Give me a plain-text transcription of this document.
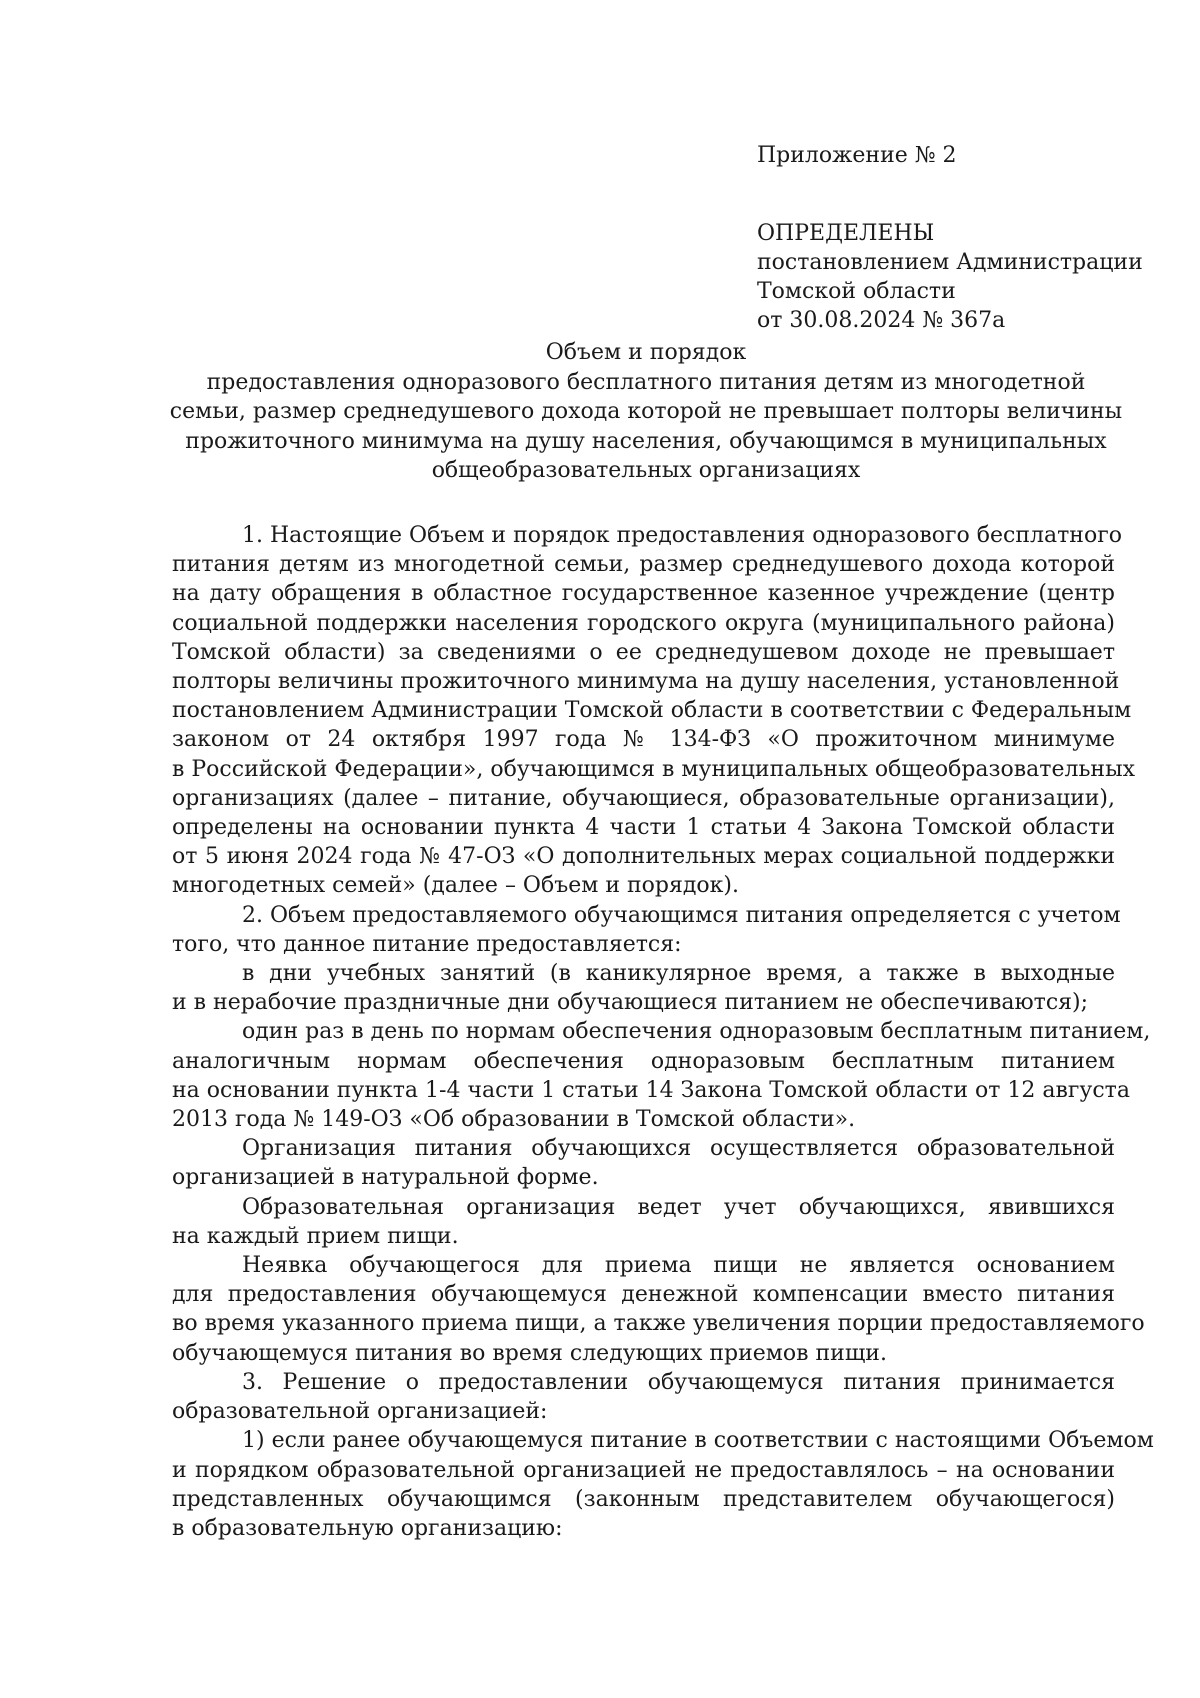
Приложение № 2
ОПРЕДЕЛЕНЫ
постановлением Администрации
Томской области
от 30.08.2024 № 367а
Объем и порядок
предоставления одноразового бесплатного питания детям из многодетной
семьи, размер среднедушевого дохода которой не превышает полторы величины
прожиточного минимума на душу населения, обучающимся в муниципальных
общеобразовательных организациях
1. Настоящие Объем и порядок предоставления одноразового бесплатного
питания детям из многодетной семьи, размер среднедушевого дохода которой
на дату обращения в областное государственное казенное учреждение (центр
социальной поддержки населения городского округа (муниципального района)
Томской области) за сведениями о ее среднедушевом доходе не превышает
полторы величины прожиточного минимума на душу населения, установленной
постановлением Администрации Томской области в соответствии с Федеральным
законом от 24 октября 1997 года № 134-ФЗ «О прожиточном минимуме
в Российской Федерации», обучающимся в муниципальных общеобразовательных
организациях (далее – питание, обучающиеся, образовательные организации),
определены на основании пункта 4 части 1 статьи 4 Закона Томской области
от 5 июня 2024 года № 47-ОЗ «О дополнительных мерах социальной поддержки
многодетных семей» (далее – Объем и порядок).
2. Объем предоставляемого обучающимся питания определяется с учетом
того, что данное питание предоставляется:
в дни учебных занятий (в каникулярное время, а также в выходные
и в нерабочие праздничные дни обучающиеся питанием не обеспечиваются);
один раз в день по нормам обеспечения одноразовым бесплатным питанием,
аналогичным нормам обеспечения одноразовым бесплатным питанием
на основании пункта 1-4 части 1 статьи 14 Закона Томской области от 12 августа
2013 года № 149-ОЗ «Об образовании в Томской области».
Организация питания обучающихся осуществляется образовательной
организацией в натуральной форме.
Образовательная организация ведет учет обучающихся, явившихся
на каждый прием пищи.
Неявка обучающегося для приема пищи не является основанием
для предоставления обучающемуся денежной компенсации вместо питания
во время указанного приема пищи, а также увеличения порции предоставляемого
обучающемуся питания во время следующих приемов пищи.
3. Решение о предоставлении обучающемуся питания принимается
образовательной организацией:
1) если ранее обучающемуся питание в соответствии с настоящими Объемом
и порядком образовательной организацией не предоставлялось – на основании
представленных обучающимся (законным представителем обучающегося)
в образовательную организацию:
